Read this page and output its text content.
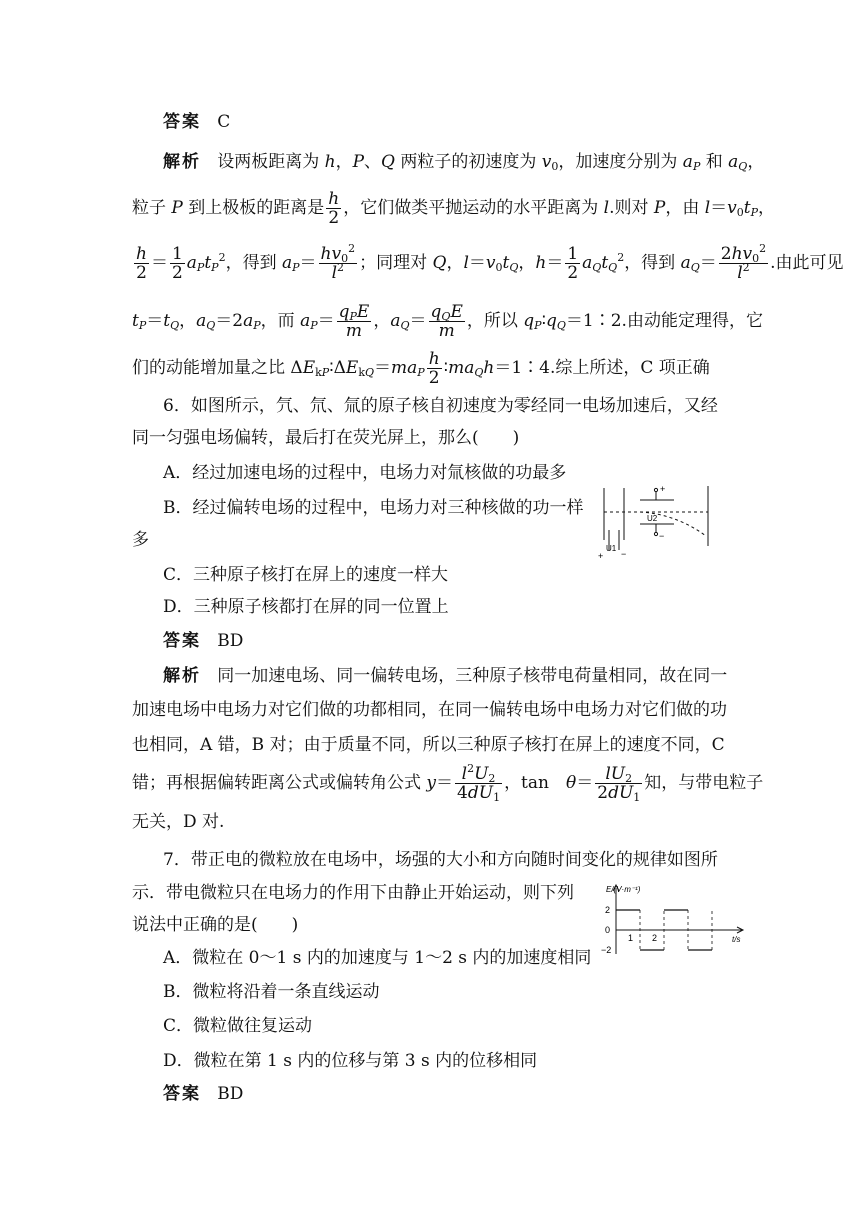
答案 C
解析   设两板距离为 h，P、Q 两粒子的初速度为 $v_0$，加速度分别为 $a_P$ 和 $a_Q$，
粒子 P 到上极板的距离是 $\frac{h}{2}$ ，它们做类平抛运动的水平距离为 l.则对 P，由 $l=v_0t_P$，
$\frac{h}{2} = \frac{1}{2} a_Pt_P^2$，得到 $a_P= \frac{hv_0^2}{l^2}$ ；同理对 Q，$l=v_0t_Q$，$h= \frac{1}{2} a_Qt_Q^2$，得到 $a_Q= \frac{2hv_0^2}{l^2}$ .由此可见
$t_P=t_Q$，$a_Q=2a_P$，而 $a_P= \frac{q_PE}{m}$ ，$a_Q= \frac{q_QE}{m}$ ，所以 $q_P∶q_Q=1∶2$.由动能定理得，它
们的动能增加量之比 $\Delta E_{kP}∶\Delta E_{kQ}=ma_P \frac{h}{2}$ $∶ma_Qh=1∶4$.综上所述，C 项正确
6．如图所示，氕、氘、氚的原子核自初速度为零经同一电场加速后，又经
同一匀强电场偏转，最后打在荧光屏上，那么(　　)
A．经过加速电场的过程中，电场力对氚核做的功最多
B．经过偏转电场的过程中，电场力对三种核做的功一样
多
C．三种原子核打在屏上的速度一样大
D．三种原子核都打在屏的同一位置上
答案 BD
解析 同一加速电场、同一偏转电场，三种原子核带电荷量相同，故在同一
加速电场中电场力对它们做的功都相同，在同一偏转电场中电场力对它们做的功
也相同，A 错，B 对；由于质量不同，所以三种原子核打在屏上的速度不同，C
错；再根据偏转距离公式或偏转角公式 $y= \frac{l^2U_2}{4dU_1}$ ，tan　$\theta= \frac{lU_2}{2dU_1}$ 知，与带电粒子
无关，D 对.
U2
+
−
U1
+ −
7．带正电的微粒放在电场中，场强的大小和方向随时间变化的规律如图所
示．带电微粒只在电场力的作用下由静止开始运动，则下列
说法中正确的是(　　)
A．微粒在 0～1 s 内的加速度与 1～2 s 内的加速度相同
B．微粒将沿着一条直线运动
C．微粒做往复运动
D．微粒在第 1 s 内的位移与第 3 s 内的位移相同
答案 BD
E/(V·m⁻¹)
t/s
2
0
−2
1 2
